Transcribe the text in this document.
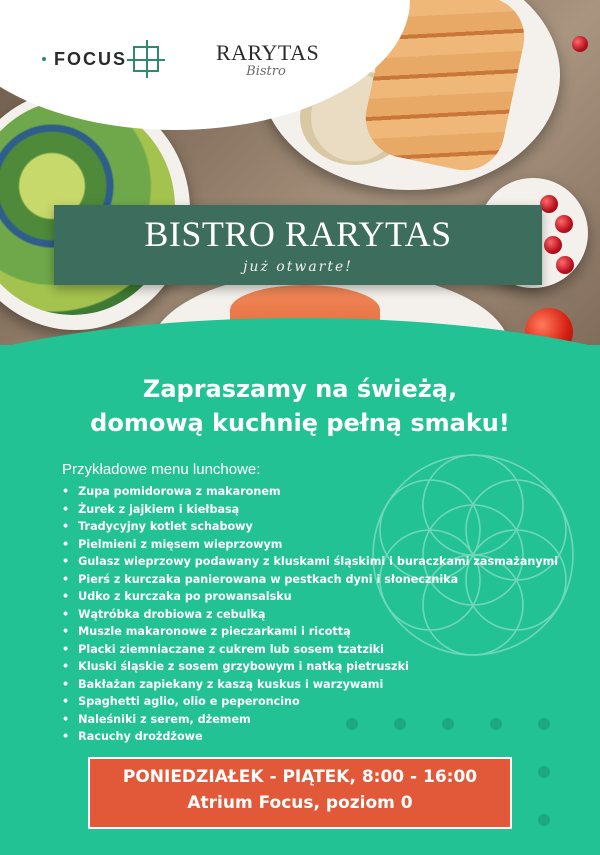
FOCUS	RARYTAS
Bistro
BISTRO RARYTAS
już otwarte!
Zapraszamy na świeżą,
domową kuchnię pełną smaku!
Przykładowe menu lunchowe:
• Zupa pomidorowa z makaronem
• Żurek z jajkiem i kiełbasą
• Tradycyjny kotlet schabowy
• Pielmieni z mięsem wieprzowym
• Gulasz wieprzowy podawany z kluskami śląskimi i buraczkami zasmażanymi
• Pierś z kurczaka panierowana w pestkach dyni i słonecznika
• Udko z kurczaka po prowansalsku
• Wątróbka drobiowa z cebulką
• Muszle makaronowe z pieczarkami i ricottą
• Placki ziemniaczane z cukrem lub sosem tzatziki
• Kluski śląskie z sosem grzybowym i natką pietruszki
• Bakłażan zapiekany z kaszą kuskus i warzywami
• Spaghetti aglio, olio e peperoncino
• Naleśniki z serem, dżemem
• Racuchy drożdżowe
PONIEDZIAŁEK - PIĄTEK, 8:00 - 16:00
Atrium Focus, poziom 0
